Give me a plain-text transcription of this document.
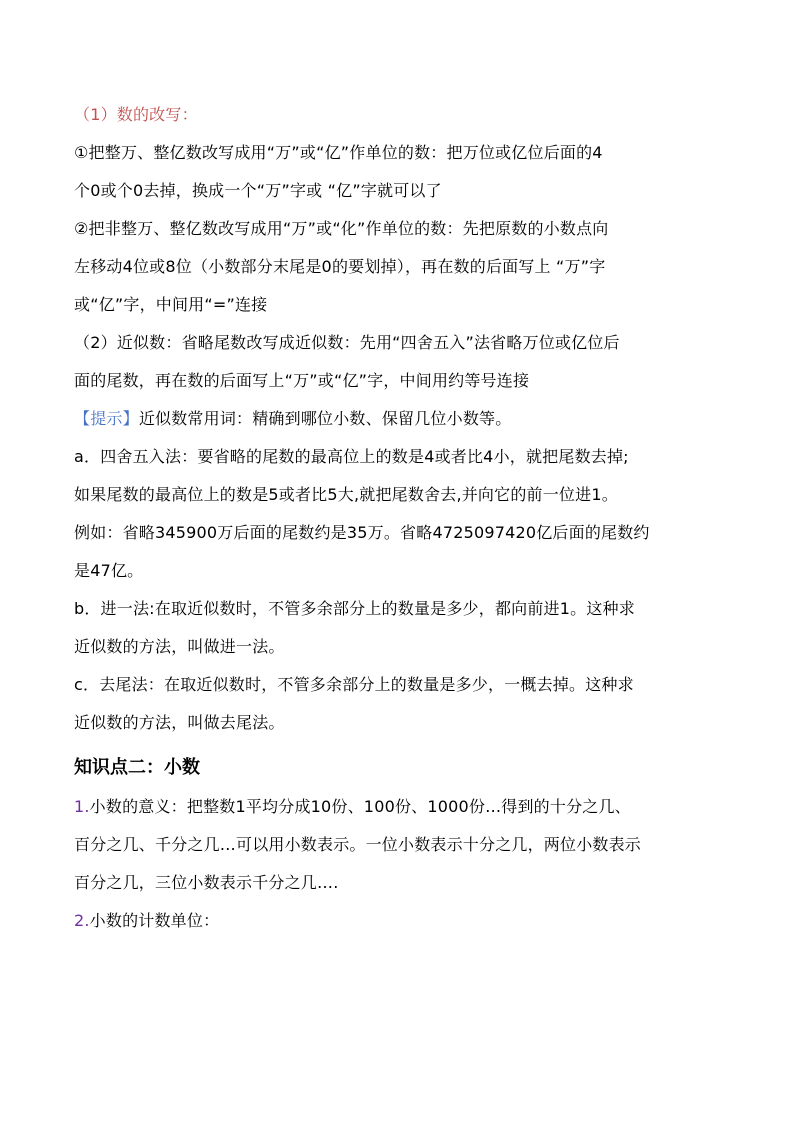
（1）数的改写：
①把整万、整亿数改写成用“万”或“亿”作单位的数：把万位或亿位后面的4
个0或个0去掉，换成一个“万”字或 “亿”字就可以了
②把非整万、整亿数改写成用“万”或“化”作单位的数：先把原数的小数点向
左移动4位或8位（小数部分末尾是0的要划掉），再在数的后面写上 “万”字
或“亿”字，中间用“=”连接
（2）近似数：省略尾数改写成近似数：先用“四舍五入”法省略万位或亿位后
面的尾数，再在数的后面写上“万”或“亿”字，中间用约等号连接
【提示】近似数常用词：精确到哪位小数、保留几位小数等。
a．四舍五入法：要省略的尾数的最高位上的数是4或者比4小，就把尾数去掉;
如果尾数的最高位上的数是5或者比5大,就把尾数舍去,并向它的前一位进1。
例如：省略345900万后面的尾数约是35万。省略4725097420亿后面的尾数约
是47亿。
b．进一法:在取近似数时，不管多余部分上的数量是多少，都向前进1。这种求
近似数的方法，叫做进一法。
c．去尾法：在取近似数时，不管多余部分上的数量是多少，一概去掉。这种求
近似数的方法，叫做去尾法。
知识点二：小数
1.小数的意义：把整数1平均分成10份、100份、1000份…得到的十分之几、
百分之几、千分之几…可以用小数表示。一位小数表示十分之几，两位小数表示
百分之几，三位小数表示千分之几….
2.小数的计数单位：
